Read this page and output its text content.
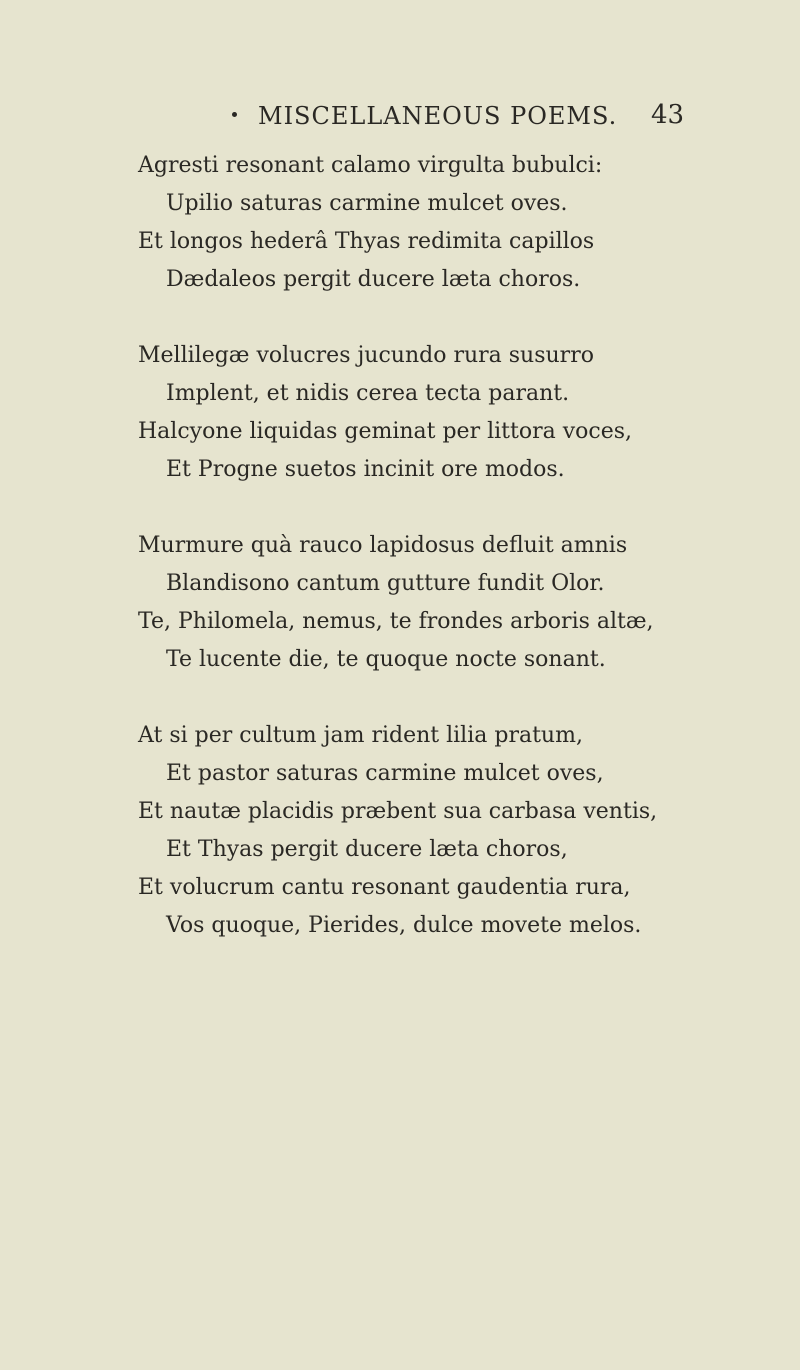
MISCELLANEOUS POEMS. 43
Agresti resonant calamo virgulta bubulci:
Upilio saturas carmine mulcet oves.
Et longos hederâ Thyas redimita capillos
Dædaleos pergit ducere læta choros.
Mellilegæ volucres jucundo rura susurro
Implent, et nidis cerea tecta parant.
Halcyone liquidas geminat per littora voces,
Et Progne suetos incinit ore modos.
Murmure quà rauco lapidosus defluit amnis
Blandisono cantum gutture fundit Olor.
Te, Philomela, nemus, te frondes arboris altæ,
Te lucente die, te quoque nocte sonant.
At si per cultum jam rident lilia pratum,
Et pastor saturas carmine mulcet oves,
Et nautæ placidis præbent sua carbasa ventis,
Et Thyas pergit ducere læta choros,
Et volucrum cantu resonant gaudentia rura,
Vos quoque, Pierides, dulce movete melos.
